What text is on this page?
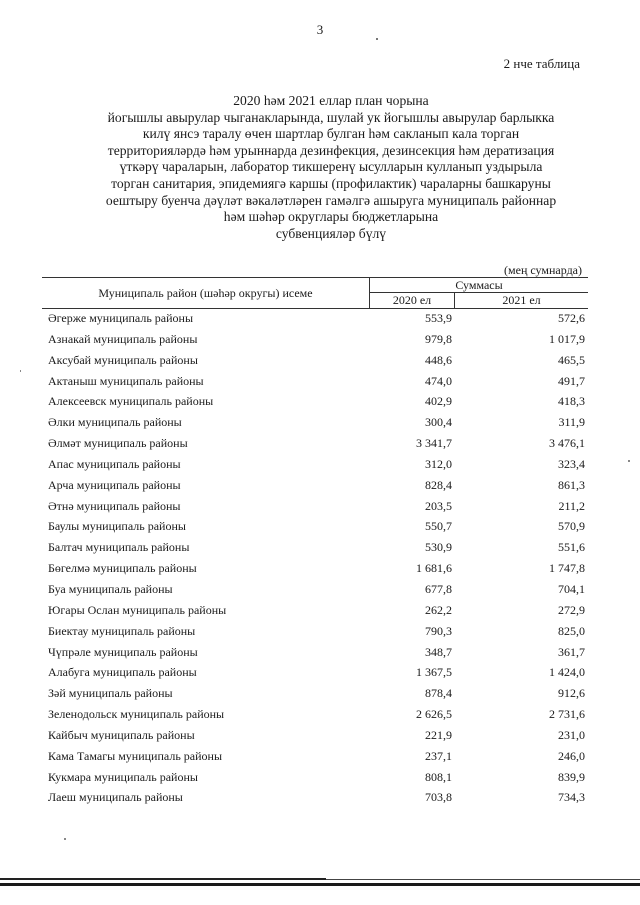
3
2 нче таблица
2020 һәм 2021 еллар план чорына
йогышлы авырулар чыганакларында, шулай ук йогышлы авырулар барлыкка
килү янсэ таралу өчен шартлар булган һәм сакланып кала торган
территорияләрдә һәм урыннарда дезинфекция, дезинсекция һәм дератизация
үткәрү чараларын, лаборатор тикшеренү ысулларын кулланып уздырыла
торган санитария, эпидемиягә каршы (профилактик) чараларны башкаруны
оештыру буенча дәүләт вәкаләтләрен гамәлгә ашыруга муниципаль районнар
һәм шәһәр округлары бюджетларына
субвенцияләр бүлү
(мең сумнарда)
Муниципаль район (шәһәр округы) исеме
Суммасы
2020 ел	2021 ел
Әгерже муниципаль районы	553,9	572,6
Азнакай муниципаль районы	979,8	1 017,9
Аксубай муниципаль районы	448,6	465,5
Актаныш муниципаль районы	474,0	491,7
Алексеевск муниципаль районы	402,9	418,3
Әлки муниципаль районы	300,4	311,9
Әлмәт муниципаль районы	3 341,7	3 476,1
Апас муниципаль районы	312,0	323,4
Арча муниципаль районы	828,4	861,3
Әтнә муниципаль районы	203,5	211,2
Баулы муниципаль районы	550,7	570,9
Балтач муниципаль районы	530,9	551,6
Бөгелмә муниципаль районы	1 681,6	1 747,8
Буа муниципаль районы	677,8	704,1
Югары Ослан муниципаль районы	262,2	272,9
Биектау муниципаль районы	790,3	825,0
Чүпрәле муниципаль районы	348,7	361,7
Алабуга муниципаль районы	1 367,5	1 424,0
Зәй муниципаль районы	878,4	912,6
Зеленодольск муниципаль районы	2 626,5	2 731,6
Кайбыч муниципаль районы	221,9	231,0
Кама Тамагы муниципаль районы	237,1	246,0
Кукмара муниципаль районы	808,1	839,9
Лаеш муниципаль районы	703,8	734,3
